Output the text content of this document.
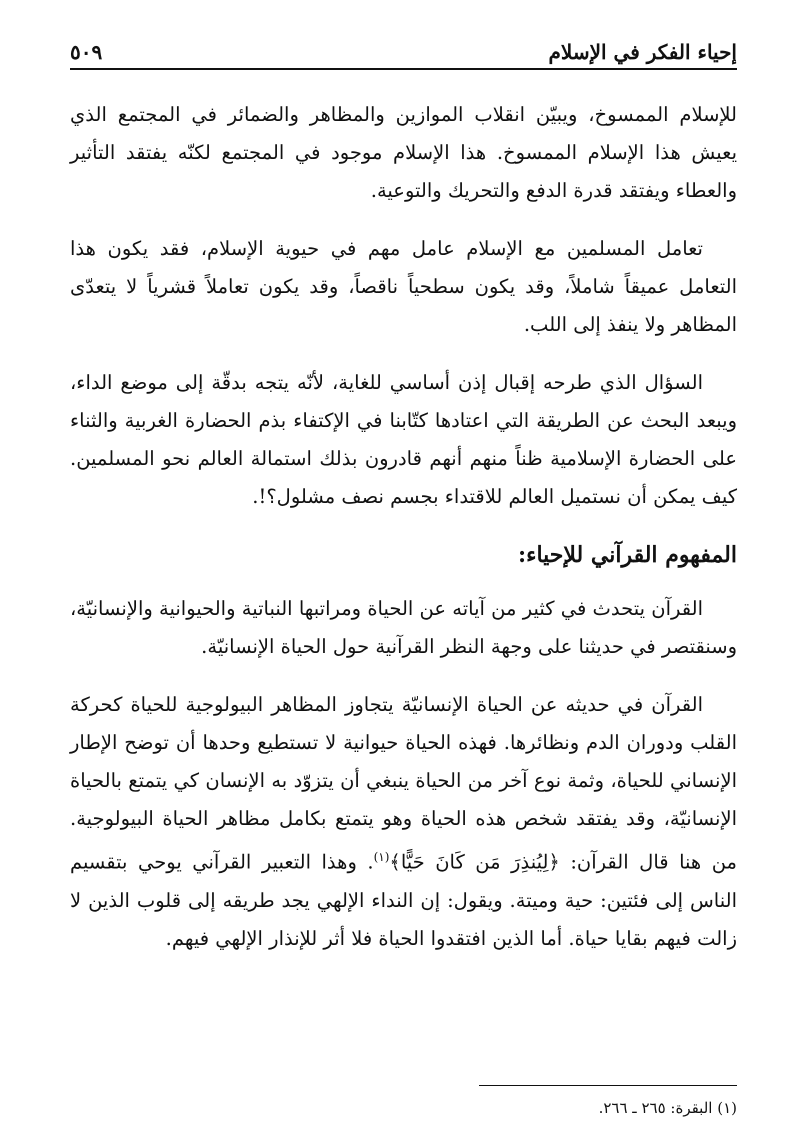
إحياء الفكر في الإسلام
٥٠٩

للإسلام الممسوخ، ويبيّن انقلاب الموازين والمظاهر والضمائر في المجتمع الذي يعيش هذا الإسلام الممسوخ. هذا الإسلام موجود في المجتمع لكنّه يفتقد التأثير والعطاء ويفتقد قدرة الدفع والتحريك والتوعية.

تعامل المسلمين مع الإسلام عامل مهم في حيوية الإسلام، فقد يكون هذا التعامل عميقاً شاملاً، وقد يكون سطحياً ناقصاً، وقد يكون تعاملاً قشرياً لا يتعدّى المظاهر ولا ينفذ إلى اللب.

السؤال الذي طرحه إقبال إذن أساسي للغاية، لأنّه يتجه بدقّة إلى موضع الداء، ويبعد البحث عن الطريقة التي اعتادها كتّابنا في الإكتفاء بذم الحضارة الغربية والثناء على الحضارة الإسلامية ظناً منهم أنهم قادرون بذلك استمالة العالم نحو المسلمين. كيف يمكن أن نستميل العالم للاقتداء بجسم نصف مشلول؟!.

المفهوم القرآني للإحياء:

القرآن يتحدث في كثير من آياته عن الحياة ومراتبها النباتية والحيوانية والإنسانيّة، وسنقتصر في حديثنا على وجهة النظر القرآنية حول الحياة الإنسانيّة.

القرآن في حديثه عن الحياة الإنسانيّة يتجاوز المظاهر البيولوجية للحياة كحركة القلب ودوران الدم ونظائرها. فهذه الحياة حيوانية لا تستطيع وحدها أن توضح الإطار الإنساني للحياة، وثمة نوع آخر من الحياة ينبغي أن يتزوّد به الإنسان كي يتمتع بالحياة الإنسانيّة، وقد يفتقد شخص هذه الحياة وهو يتمتع بكامل مظاهر الحياة البيولوجية. من هنا قال القرآن: ﴿لِيُنذِرَ مَن كَانَ حَيًّا﴾$^{(١)}$. وهذا التعبير القرآني يوحي بتقسيم الناس إلى فئتين: حية وميتة. ويقول: إن النداء الإلهي يجد طريقه إلى قلوب الذين لا زالت فيهم بقايا حياة. أما الذين افتقدوا الحياة فلا أثر للإنذار الإلهي فيهم.

(١) البقرة: ٢٦٥ ـ ٢٦٦.
